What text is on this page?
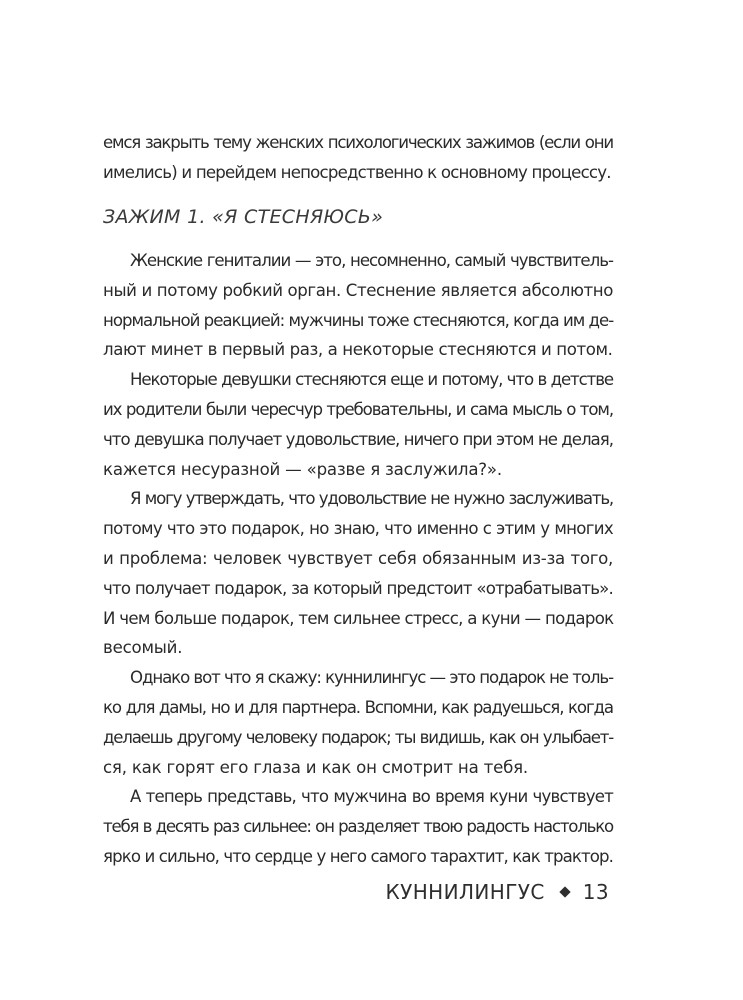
емся закрыть тему женских психологических зажимов (если они
имелись) и перейдем непосредственно к основному процессу.
ЗАЖИМ 1. «Я СТЕСНЯЮСЬ»
Женские гениталии — это, несомненно, самый чувствитель-
ный и потому робкий орган. Стеснение является абсолютно
нормальной реакцией: мужчины тоже стесняются, когда им де-
лают минет в первый раз, а некоторые стесняются и потом.
Некоторые девушки стесняются еще и потому, что в детстве
их родители были чересчур требовательны, и сама мысль о том,
что девушка получает удовольствие, ничего при этом не делая,
кажется несуразной — «разве я заслужила?».
Я могу утверждать, что удовольствие не нужно заслуживать,
потому что это подарок, но знаю, что именно с этим у многих
и проблема: человек чувствует себя обязанным из-за того,
что получает подарок, за который предстоит «отрабатывать».
И чем больше подарок, тем сильнее стресс, а куни — подарок
весомый.
Однако вот что я скажу: куннилингус — это подарок не толь-
ко для дамы, но и для партнера. Вспомни, как радуешься, когда
делаешь другому человеку подарок; ты видишь, как он улыбает-
ся, как горят его глаза и как он смотрит на тебя.
А теперь представь, что мужчина во время куни чувствует
тебя в десять раз сильнее: он разделяет твою радость настолько
ярко и сильно, что сердце у него самого тарахтит, как трактор.
КУННИЛИНГУС 13
